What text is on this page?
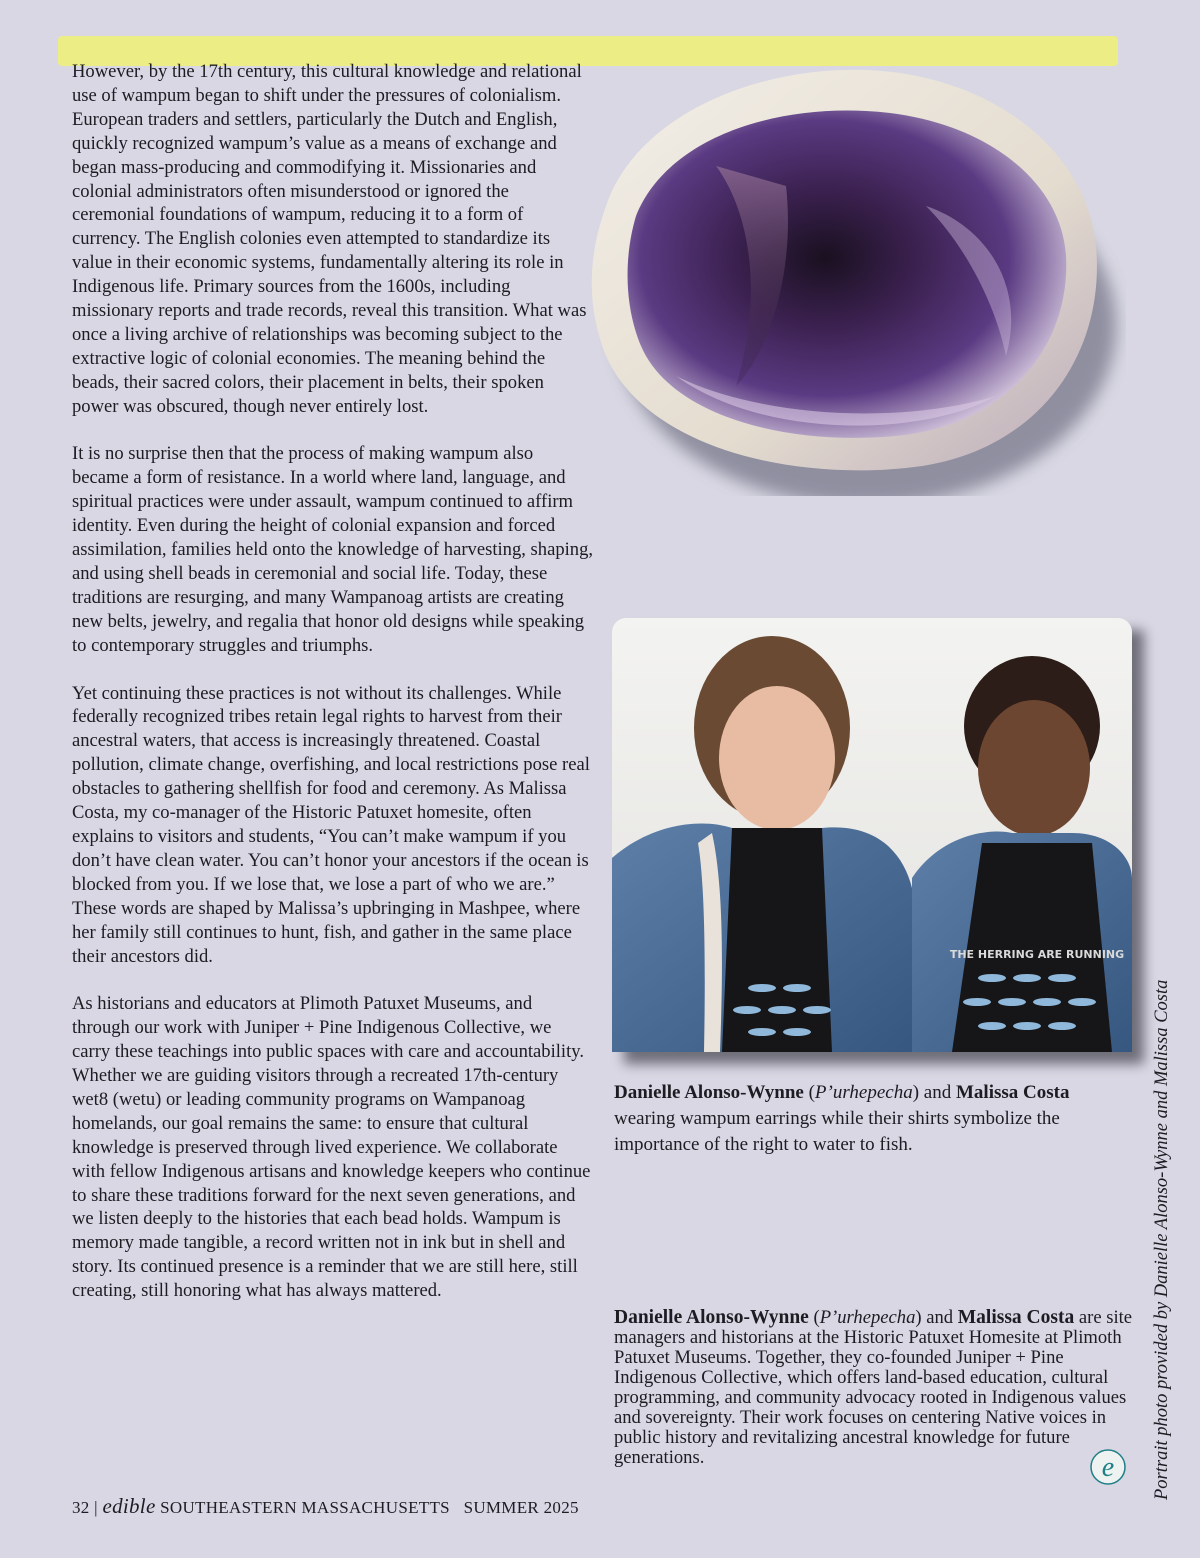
However, by the 17th century, this cultural knowledge and relational use of wampum began to shift under the pressures of colonialism. European traders and settlers, particularly the Dutch and English, quickly recognized wampum’s value as a means of exchange and began mass-producing and commodifying it. Missionaries and colonial administrators often misunderstood or ignored the ceremonial foundations of wampum, reducing it to a form of currency. The English colonies even attempted to standardize its value in their economic systems, fundamentally altering its role in Indigenous life. Primary sources from the 1600s, including missionary reports and trade records, reveal this transition. What was once a living archive of relationships was becoming subject to the extractive logic of colonial economies. The meaning behind the beads, their sacred colors, their placement in belts, their spoken power was obscured, though never entirely lost.

It is no surprise then that the process of making wampum also became a form of resistance. In a world where land, language, and spiritual practices were under assault, wampum continued to affirm identity. Even during the height of colonial expansion and forced assimilation, families held onto the knowledge of harvesting, shaping, and using shell beads in ceremonial and social life. Today, these traditions are resurging, and many Wampanoag artists are creating new belts, jewelry, and regalia that honor old designs while speaking to contemporary struggles and triumphs.

Yet continuing these practices is not without its challenges. While federally recognized tribes retain legal rights to harvest from their ancestral waters, that access is increasingly threatened. Coastal pollution, climate change, overfishing, and local restrictions pose real obstacles to gathering shellfish for food and ceremony. As Malissa Costa, my co-manager of the Historic Patuxet homesite, often explains to visitors and students, “You can’t make wampum if you don’t have clean water. You can’t honor your ancestors if the ocean is blocked from you. If we lose that, we lose a part of who we are.” These words are shaped by Malissa’s upbringing in Mashpee, where her family still continues to hunt, fish, and gather in the same place their ancestors did.

As historians and educators at Plimoth Patuxet Museums, and through our work with Juniper + Pine Indigenous Collective, we carry these teachings into public spaces with care and accountability. Whether we are guiding visitors through a recreated 17th-century wet8 (wetu) or leading community programs on Wampanoag homelands, our goal remains the same: to ensure that cultural knowledge is preserved through lived experience. We collaborate with fellow Indigenous artisans and knowledge keepers who continue to share these traditions forward for the next seven generations, and we listen deeply to the histories that each bead holds. Wampum is memory made tangible, a record written not in ink but in shell and story. Its continued presence is a reminder that we are still here, still creating, still honoring what has always mattered.

THE HERRING ARE RUNNING
Danielle Alonso-Wynne (P’urhepecha) and Malissa Costa wearing wampum earrings while their shirts symbolize the importance of the right to water to fish.
Danielle Alonso-Wynne (P’urhepecha) and Malissa Costa are site managers and historians at the Historic Patuxet Homesite at Plimoth Patuxet Museums. Together, they co-founded Juniper + Pine Indigenous Collective, which offers land-based education, cultural programming, and community advocacy rooted in Indigenous values and sovereignty. Their work focuses on centering Native voices in public history and revitalizing ancestral knowledge for future generations.	Portrait photo provided by Danielle Alonso-Wynne and Malissa Costa
32 | edible SOUTHEASTERN MASSACHUSETTS SUMMER 2025
e
